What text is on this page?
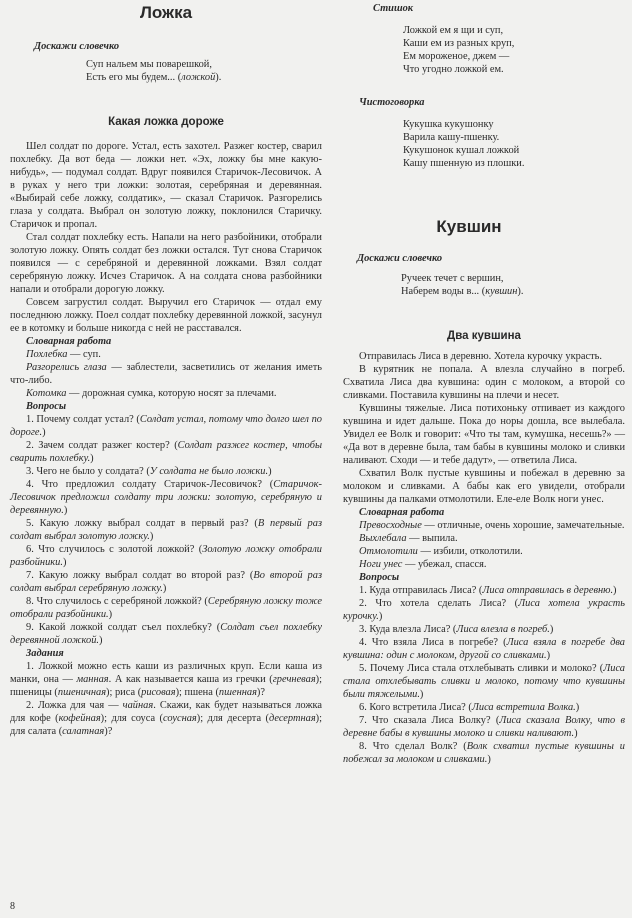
Ложка
Доскажи словечко
Суп нальем мы поварешкой,
Есть его мы будем... (ложкой).
Какая ложка дороже

Шел солдат по дороге. Устал, есть захотел. Разжег костер, сварил похлебку. Да вот беда — ложки нет. «Эх, ложку бы мне какую-нибудь», — подумал солдат. Вдруг появился Старичок-Лесовичок. А в руках у него три ложки: золотая, серебряная и деревянная. «Выбирай себе ложку, солдатик», — сказал Старичок. Разгорелись глаза у солдата. Выбрал он золотую ложку, поклонился Старичку. Старичок и пропал.

Стал солдат похлебку есть. Напали на него разбойники, отобрали золотую ложку. Опять солдат без ложки остался. Тут снова Старичок появился — с серебряной и деревянной ложками. Взял солдат серебряную ложку. Исчез Старичок. А на солдата снова разбойники напали и отобрали дорогую ложку.

Совсем загрустил солдат. Выручил его Старичок — отдал ему последнюю ложку. Поел солдат похлебку деревянной ложкой, засунул ее в котомку и больше никогда с ней не расставался.

Словарная работа

Похлебка — суп.

Разгорелись глаза — заблестели, засветились от желания иметь что-либо.

Котомка — дорожная сумка, которую носят за плечами.

Вопросы

1. Почему солдат устал? (Солдат устал, потому что долго шел по дороге.)

2. Зачем солдат разжег костер? (Солдат разжег костер, чтобы сварить похлебку.)

3. Чего не было у солдата? (У солдата не было ложки.)

4. Что предложил солдату Старичок-Лесовичок? (Старичок-Лесовичок предложил солдату три ложки: золотую, серебряную и деревянную.)

5. Какую ложку выбрал солдат в первый раз? (В первый раз солдат выбрал золотую ложку.)

6. Что случилось с золотой ложкой? (Золотую ложку отобрали разбойники.)

7. Какую ложку выбрал солдат во второй раз? (Во второй раз солдат выбрал серебряную ложку.)

8. Что случилось с серебряной ложкой? (Серебряную ложку тоже отобрали разбойники.)

9. Какой ложкой солдат съел похлебку? (Солдат съел похлебку деревянной ложкой.)

Задания

1. Ложкой можно есть каши из различных круп. Если каша из манки, она — манная. А как называется каша из гречки (гречневая); пшеницы (пшеничная); риса (рисовая); пшена (пшенная)?

2. Ложка для чая — чайная. Скажи, как будет называться ложка для кофе (кофейная); для соуса (соусная); для десерта (десертная); для салата (салатная)?

Стишок
Ложкой ем я щи и суп,
Каши ем из разных круп,
Ем мороженое, джем —
Что угодно ложкой ем.
Чистоговорка
Кукушка кукушонку
Варила кашу-пшенку.
Кукушонок кушал ложкой
Кашу пшенную из плошки.
Кувшин
Доскажи словечко
Ручеек течет с вершин,
Наберем воды в... (кувшин).
Два кувшина

Отправилась Лиса в деревню. Хотела курочку украсть.

В курятник не попала. А влезла случайно в погреб. Схватила Лиса два кувшина: один с молоком, а второй со сливками. Поставила кувшины на плечи и несет.

Кувшины тяжелые. Лиса потихоньку отпивает из каждого кувшина и идет дальше. Пока до норы дошла, все вылебала. Увидел ее Волк и говорит: «Что ты там, кумушка, несешь?» — «Да вот в деревне была, там бабы в кувшины молоко и сливки наливают. Сходи — и тебе дадут», — ответила Лиса.

Схватил Волк пустые кувшины и побежал в деревню за молоком и сливками. А бабы как его увидели, отобрали кувшины да палками отмолотили. Еле-еле Волк ноги унес.

Словарная работа

Превосходные — отличные, очень хорошие, замечательные.

Выхлебала — выпила.

Отмолотили — избили, отколотили.

Ноги унес — убежал, спасся.

Вопросы

1. Куда отправилась Лиса? (Лиса отправилась в деревню.)

2. Что хотела сделать Лиса? (Лиса хотела украсть курочку.)

3. Куда влезла Лиса? (Лиса влезла в погреб.)

4. Что взяла Лиса в погребе? (Лиса взяла в погребе два кувшина: один с молоком, другой со сливками.)

5. Почему Лиса стала отхлебывать сливки и молоко? (Лиса стала отхлебывать сливки и молоко, потому что кувшины были тяжелыми.)

6. Кого встретила Лиса? (Лиса встретила Волка.)

7. Что сказала Лиса Волку? (Лиса сказала Волку, что в деревне бабы в кувшины молоко и сливки наливают.)

8. Что сделал Волк? (Волк схватил пустые кувшины и побежал за молоком и сливками.)

8
